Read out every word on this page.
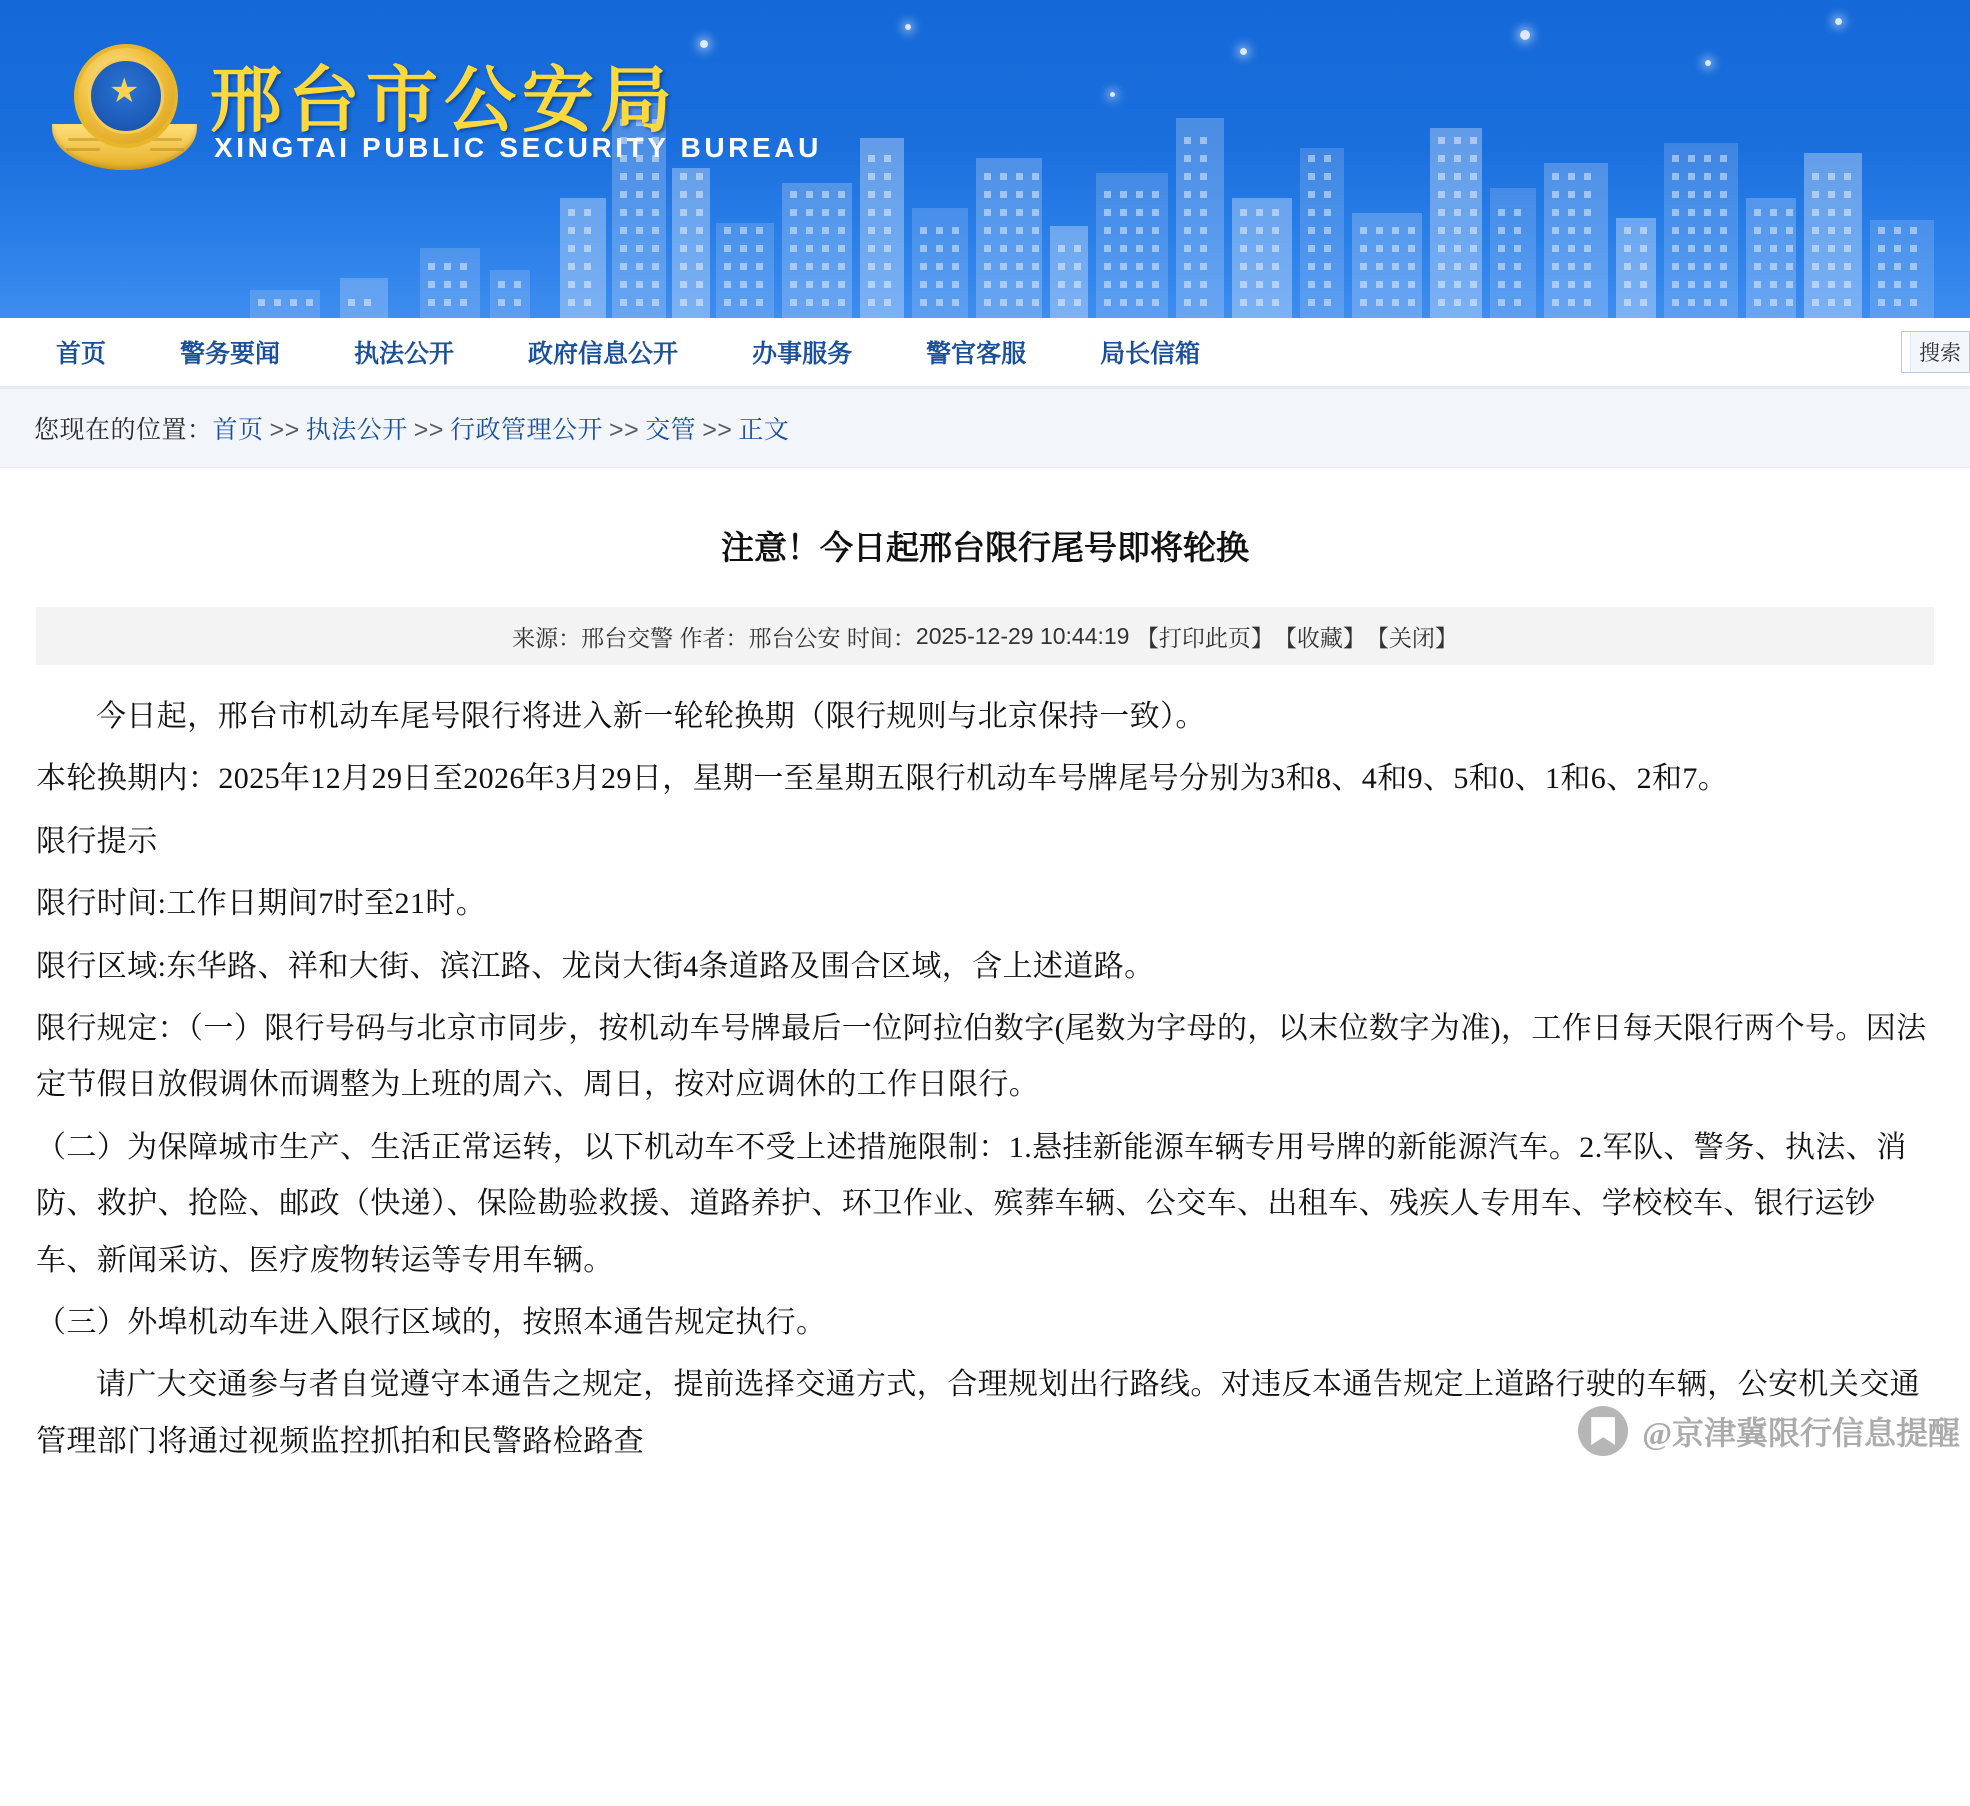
★ 邢台市公安局
XINGTAI PUBLIC SECURITY BUREAU
首页	警务要闻	执法公开	政府信息公开	办事服务	警官客服	局长信箱	搜索
您现在的位置：首页 >> 执法公开 >> 行政管理公开 >> 交管 >> 正文
注意！今日起邢台限行尾号即将轮换
来源： 邢台交警
作者： 邢台公安
时间： 2025-12-29 10:44:19
【打印此页】 【收藏】 【关闭】

今日起，邢台市机动车尾号限行将进入新一轮轮换期（限行规则与北京保持一致）。

本轮换期内：2025年12月29日至2026年3月29日，星期一至星期五限行机动车号牌尾号分别为3和8、4和9、5和0、1和6、2和7。

限行提示

限行时间:工作日期间7时至21时。

限行区域:东华路、祥和大街、滨江路、龙岗大街4条道路及围合区域，含上述道路。

限行规定：（一）限行号码与北京市同步，按机动车号牌最后一位阿拉伯数字(尾数为字母的，以末位数字为准)，工作日每天限行两个号。因法定节假日放假调休而调整为上班的周六、周日，按对应调休的工作日限行。

（二）为保障城市生产、生活正常运转，以下机动车不受上述措施限制：1.悬挂新能源车辆专用号牌的新能源汽车。2.军队、警务、执法、消防、救护、抢险、邮政（快递）、保险勘验救援、道路养护、环卫作业、殡葬车辆、公交车、出租车、残疾人专用车、学校校车、银行运钞车、新闻采访、医疗废物转运等专用车辆。

（三）外埠机动车进入限行区域的，按照本通告规定执行。

请广大交通参与者自觉遵守本通告之规定，提前选择交通方式，合理规划出行路线。对违反本通告规定上道路行驶的车辆，公安机关交通管理部门将通过视频监控抓拍和民警路检路查	@京津冀限行信息提醒
